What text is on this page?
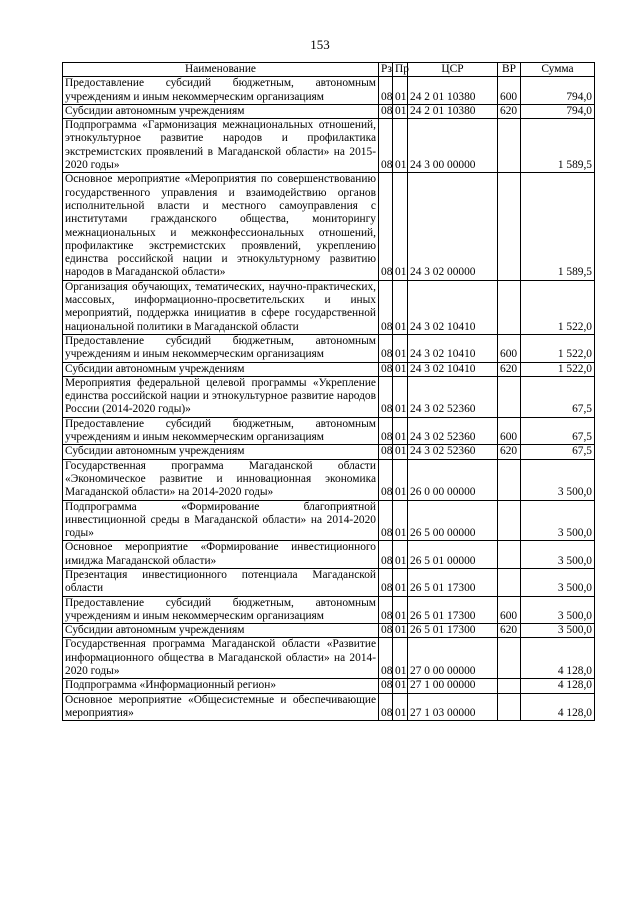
153
Наименование	Рз	Пр	ЦСР	ВР	Сумма
Предоставление субсидий бюджетным, автономным учреждениям и иным некоммерческим организациям	08	01	24 2 01 10380	600	794,0
Субсидии автономным учреждениям	08	01	24 2 01 10380	620	794,0
Подпрограмма «Гармонизация межнациональных отношений, этнокультурное развитие народов и профилактика экстремистских проявлений в Магаданской области» на 2015-2020 годы»	08	01	24 3 00 00000		1 589,5
Основное мероприятие «Мероприятия по совершенствованию государственного управления и взаимодействию органов исполнительной власти и местного самоуправления с институтами гражданского общества, мониторингу межнациональных и межконфессиональных отношений, профилактике экстремистских проявлений, укреплению единства российской нации и этнокультурному развитию народов в Магаданской области»	08	01	24 3 02 00000		1 589,5
Организация обучающих, тематических, научно-практических, массовых, информационно-просветительских и иных мероприятий, поддержка инициатив в сфере государственной национальной политики в Магаданской области	08	01	24 3 02 10410		1 522,0
Предоставление субсидий бюджетным, автономным учреждениям и иным некоммерческим организациям	08	01	24 3 02 10410	600	1 522,0
Субсидии автономным учреждениям	08	01	24 3 02 10410	620	1 522,0
Мероприятия федеральной целевой программы «Укрепление единства российской нации и этнокультурное развитие народов России (2014-2020 годы)»	08	01	24 3 02 52360		67,5
Предоставление субсидий бюджетным, автономным учреждениям и иным некоммерческим организациям	08	01	24 3 02 52360	600	67,5
Субсидии автономным учреждениям	08	01	24 3 02 52360	620	67,5
Государственная программа Магаданской области «Экономическое развитие и инновационная экономика Магаданской области» на 2014-2020 годы»	08	01	26 0 00 00000		3 500,0
Подпрограмма «Формирование благоприятной инвестиционной среды в Магаданской области» на 2014-2020 годы»	08	01	26 5 00 00000		3 500,0
Основное мероприятие «Формирование инвестиционного имиджа Магаданской области»	08	01	26 5 01 00000		3 500,0
Презентация инвестиционного потенциала Магаданской области	08	01	26 5 01 17300		3 500,0
Предоставление субсидий бюджетным, автономным учреждениям и иным некоммерческим организациям	08	01	26 5 01 17300	600	3 500,0
Субсидии автономным учреждениям	08	01	26 5 01 17300	620	3 500,0
Государственная программа Магаданской области «Развитие информационного общества в Магаданской области» на 2014-2020 годы»	08	01	27 0 00 00000		4 128,0
Подпрограмма «Информационный регион»	08	01	27 1 00 00000		4 128,0
Основное мероприятие «Общесистемные и обеспечивающие мероприятия»	08	01	27 1 03 00000		4 128,0
